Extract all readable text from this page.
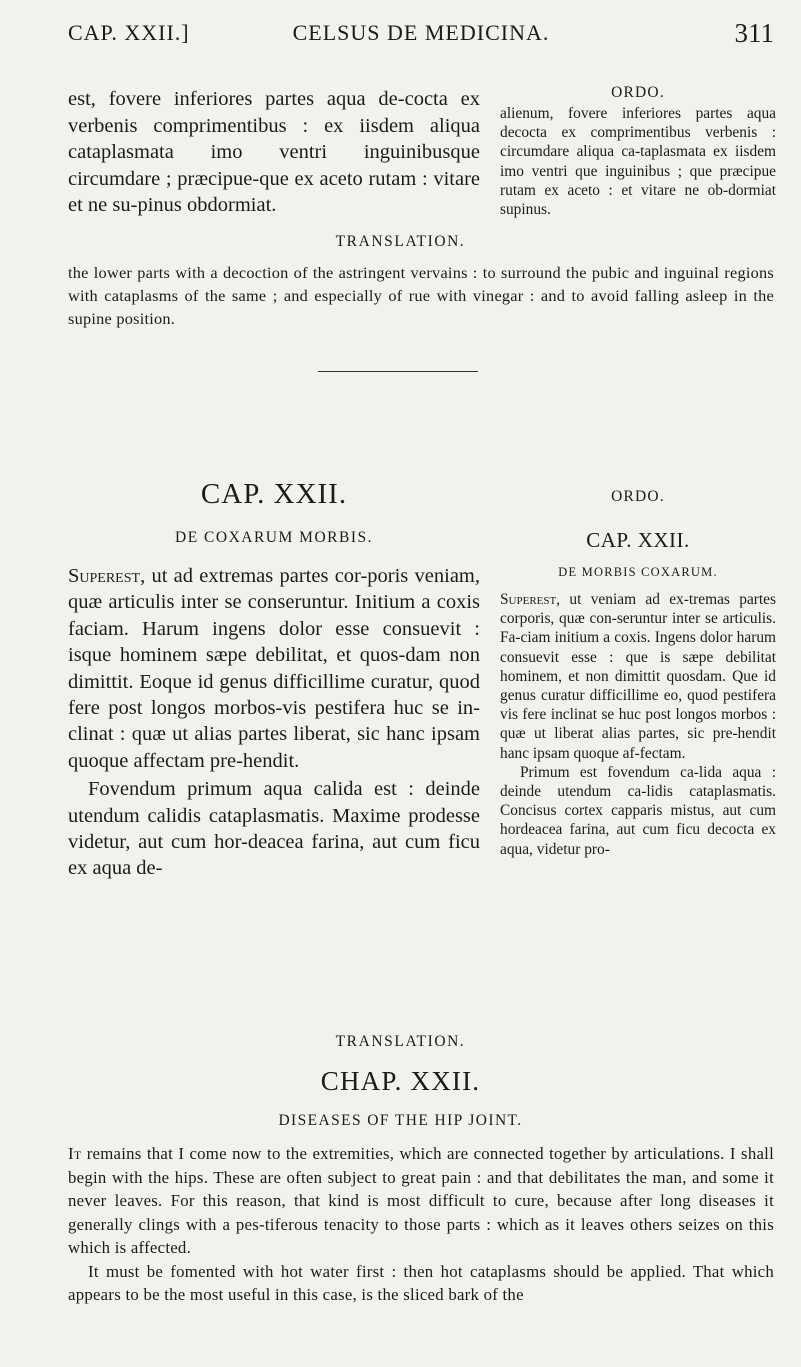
CAP. XXII.]	CELSUS DE MEDICINA.	311

est, fovere inferiores partes aqua de-cocta ex verbenis comprimentibus : ex iisdem aliqua cataplasmata imo ventri inguinibusque circumdare ; præcipue-que ex aceto rutam : vitare et ne su-pinus obdormiat.

ORDO.

alienum, fovere inferiores partes aqua decocta ex comprimentibus verbenis : circumdare aliqua ca-taplasmata ex iisdem imo ventri que inguinibus ; que præcipue rutam ex aceto : et vitare ne ob-dormiat supinus.

TRANSLATION.

the lower parts with a decoction of the astringent vervains : to surround the pubic and inguinal regions with cataplasms of the same ; and especially of rue with vinegar : and to avoid falling asleep in the supine position.

CAP. XXII.
DE COXARUM MORBIS.

Superest, ut ad extremas partes cor-poris veniam, quæ articulis inter se conseruntur. Initium a coxis faciam. Harum ingens dolor esse consuevit : isque hominem sæpe debilitat, et quos-dam non dimittit. Eoque id genus difficillime curatur, quod fere post longos morbos-vis pestifera huc se in-clinat : quæ ut alias partes liberat, sic hanc ipsam quoque affectam pre-hendit.

Fovendum primum aqua calida est : deinde utendum calidis cataplasmatis. Maxime prodesse videtur, aut cum hor-deacea farina, aut cum ficu ex aqua de-

ORDO.
CAP. XXII.
DE MORBIS COXARUM.

Superest, ut veniam ad ex-tremas partes corporis, quæ con-seruntur inter se articulis. Fa-ciam initium a coxis. Ingens dolor harum consuevit esse : que is sæpe debilitat hominem, et non dimittit quosdam. Que id genus curatur difficillime eo, quod pestifera vis fere inclinat se huc post longos morbos : quæ ut liberat alias partes, sic pre-hendit hanc ipsam quoque af-fectam.

Primum est fovendum ca-lida aqua : deinde utendum ca-lidis cataplasmatis. Concisus cortex capparis mistus, aut cum hordeacea farina, aut cum ficu decocta ex aqua, videtur pro-

TRANSLATION.
CHAP. XXII.
DISEASES OF THE HIP JOINT.

It remains that I come now to the extremities, which are connected together by articulations. I shall begin with the hips. These are often subject to great pain : and that debilitates the man, and some it never leaves. For this reason, that kind is most difficult to cure, because after long diseases it generally clings with a pes-tiferous tenacity to those parts : which as it leaves others seizes on this which is affected.

It must be fomented with hot water first : then hot cataplasms should be applied. That which appears to be the most useful in this case, is the sliced bark of the
